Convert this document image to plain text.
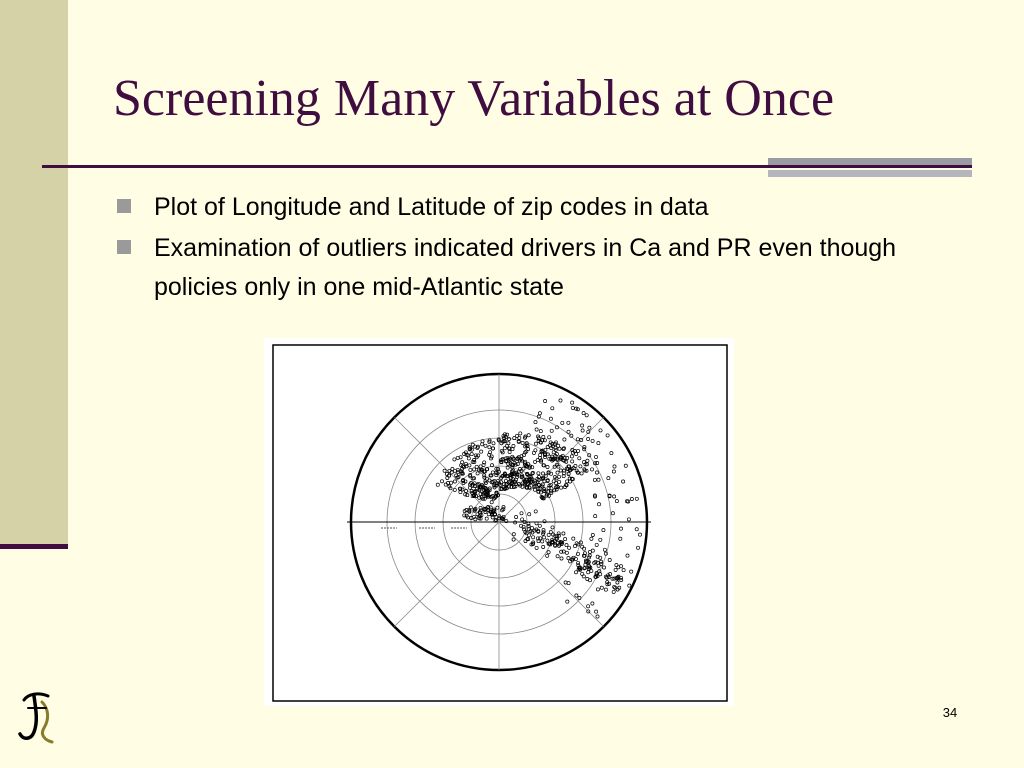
Screening Many Variables at Once
Plot of Longitude and Latitude of zip codes in data
Examination of outliers indicated drivers in Ca and PR even though policies only in one mid-Atlantic state
34
